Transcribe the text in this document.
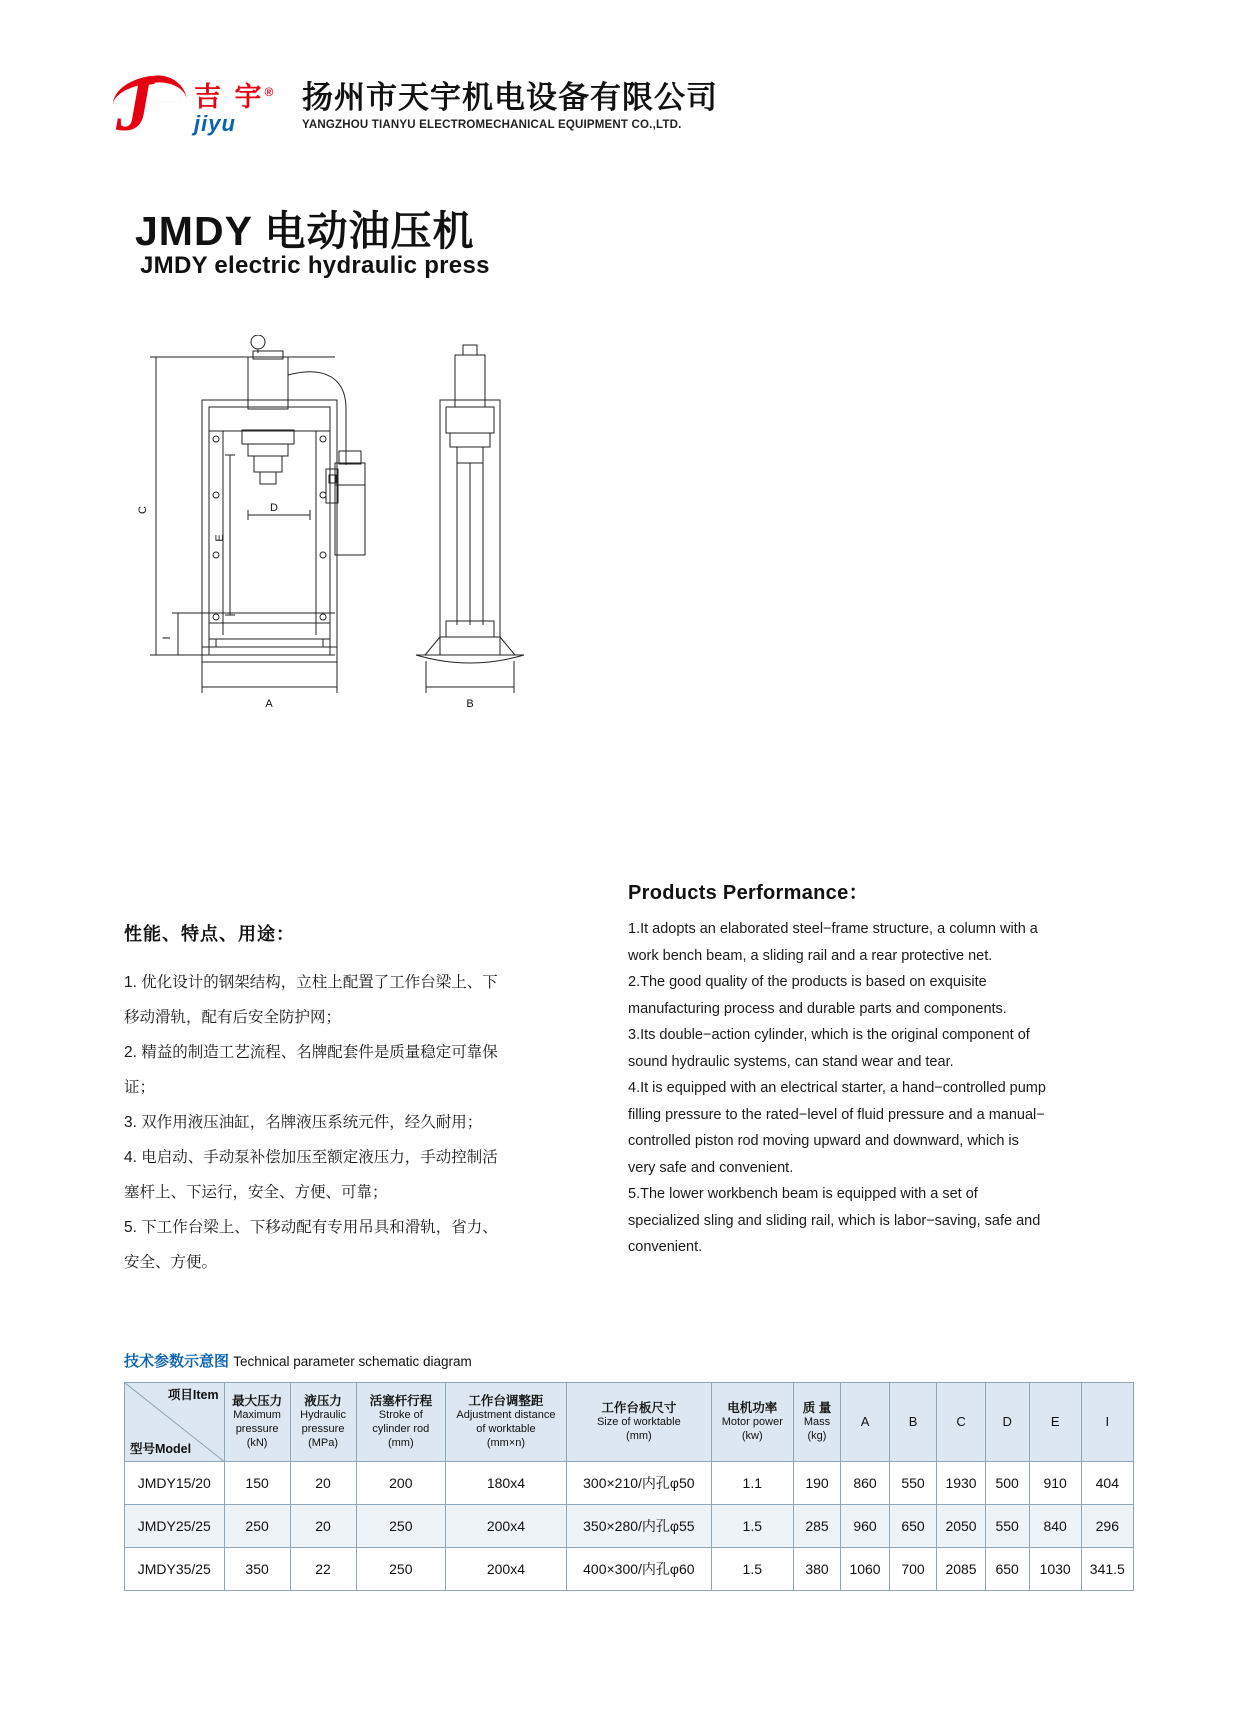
J 吉 宇®
jiyu
扬州市天宇机电设备有限公司
YANGZHOU TIANYU ELECTROMECHANICAL EQUIPMENT CO.,LTD.
JMDY 电动油压机
JMDY electric hydraulic press
C
E
D
I
A	B
性能、特点、用途：

1. 优化设计的钢架结构，立柱上配置了工作台梁上、下

移动滑轨，配有后安全防护网；

2. 精益的制造工艺流程、名牌配套件是质量稳定可靠保

证；

3. 双作用液压油缸，名牌液压系统元件，经久耐用；

4. 电启动、手动泵补偿加压至额定液压力，手动控制活

塞杆上、下运行，安全、方便、可靠；

5. 下工作台梁上、下移动配有专用吊具和滑轨，省力、

安全、方便。

Products Performance：

1.It adopts an elaborated steel−frame structure, a column with a

work bench beam, a sliding rail and a rear protective net.

2.The good quality of the products is based on exquisite

manufacturing process and durable parts and components.

3.Its double−action cylinder, which is the original component of

sound hydraulic systems, can stand wear and tear.

4.It is equipped with an electrical starter, a hand−controlled pump

filling pressure to the rated−level of fluid pressure and a manual−

controlled piston rod moving upward and downward, which is

very safe and convenient.

5.The lower workbench beam is equipped with a set of

specialized sling and sliding rail, which is labor−saving, safe and

convenient.

技术参数示意图 Technical parameter schematic diagram
项目Item
型号Model	最大压力
Maximum
pressure
(kN)	液压力
Hydraulic
pressure
(MPa)	活塞杆行程
Stroke of
cylinder rod
(mm)	工作台调整距
Adjustment distance
of worktable
(mm×n)	工作台板尺寸
Size of worktable
(mm)	电机功率
Motor power
(kw)	质 量
Mass
(kg)	A	B	C	D	E	I
JMDY15/20	150	20	200	180x4	300×210/内孔φ50	1.1	190	860	550	1930	500	910	404
JMDY25/25	250	20	250	200x4	350×280/内孔φ55	1.5	285	960	650	2050	550	840	296
JMDY35/25	350	22	250	200x4	400×300/内孔φ60	1.5	380	1060	700	2085	650	1030	341.5
